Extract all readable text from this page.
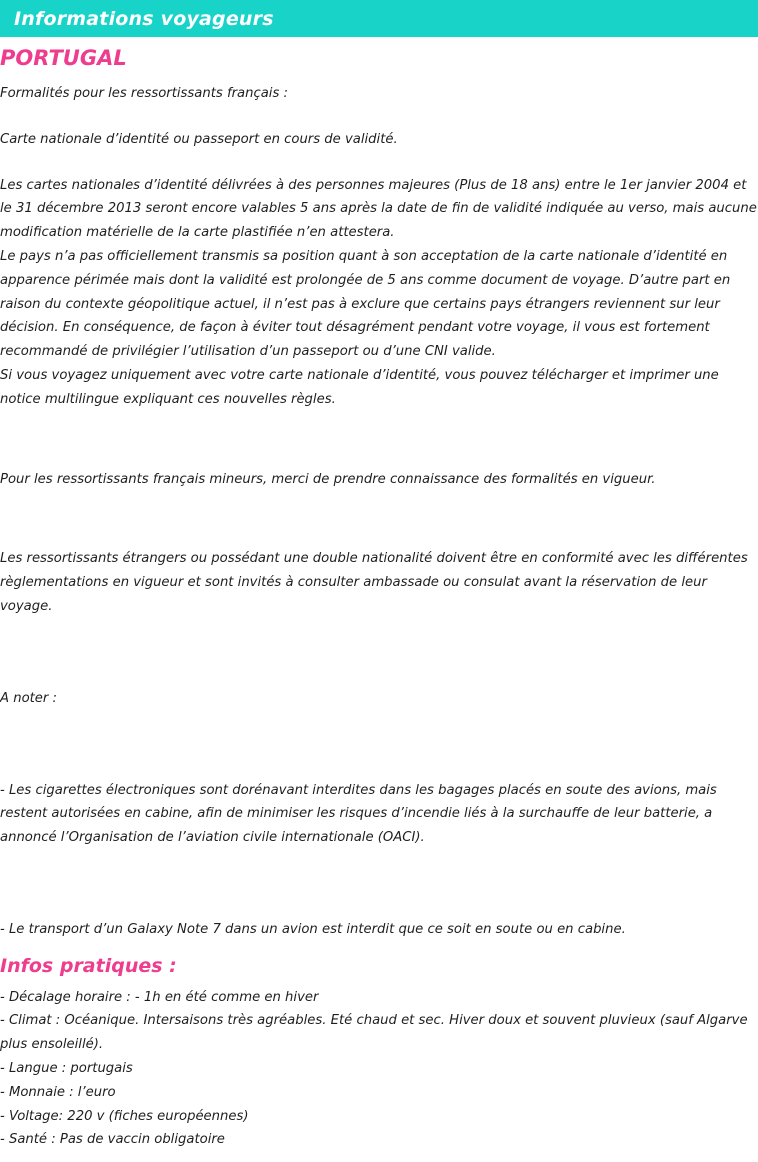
Informations voyageurs
PORTUGAL

Formalités pour les ressortissants français :

Carte nationale d’identité ou passeport en cours de validité.

Les cartes nationales d’identité délivrées à des personnes majeures (Plus de 18 ans) entre le 1er janvier 2004 et le 31 décembre 2013 seront encore valables 5 ans après la date de fin de validité indiquée au verso, mais aucune modification matérielle de la carte plastifiée n’en attestera.

Le pays n’a pas officiellement transmis sa position quant à son acceptation de la carte nationale d’identité en apparence périmée mais dont la validité est prolongée de 5 ans comme document de voyage. D’autre part en raison du contexte géopolitique actuel, il n’est pas à exclure que certains pays étrangers reviennent sur leur décision. En conséquence, de façon à éviter tout désagrément pendant votre voyage, il vous est fortement recommandé de privilégier l’utilisation d’un passeport ou d’une CNI valide.

Si vous voyagez uniquement avec votre carte nationale d’identité, vous pouvez télécharger et imprimer une notice multilingue expliquant ces nouvelles règles.

Pour les ressortissants français mineurs, merci de prendre connaissance des formalités en vigueur.

Les ressortissants étrangers ou possédant une double nationalité doivent être en conformité avec les différentes règlementations en vigueur et sont invités à consulter ambassade ou consulat avant la réservation de leur voyage.

A noter :

- Les cigarettes électroniques sont dorénavant interdites dans les bagages placés en soute des avions, mais restent autorisées en cabine, afin de minimiser les risques d’incendie liés à la surchauffe de leur batterie, a annoncé l’Organisation de l’aviation civile internationale (OACI).

- Le transport d’un Galaxy Note 7 dans un avion est interdit que ce soit en soute ou en cabine.

Infos pratiques :

- Décalage horaire : - 1h en été comme en hiver

- Climat : Océanique. Intersaisons très agréables. Eté chaud et sec. Hiver doux et souvent pluvieux (sauf Algarve plus ensoleillé).

- Langue : portugais

- Monnaie : l’euro

- Voltage: 220 v (fiches européennes)

- Santé : Pas de vaccin obligatoire
